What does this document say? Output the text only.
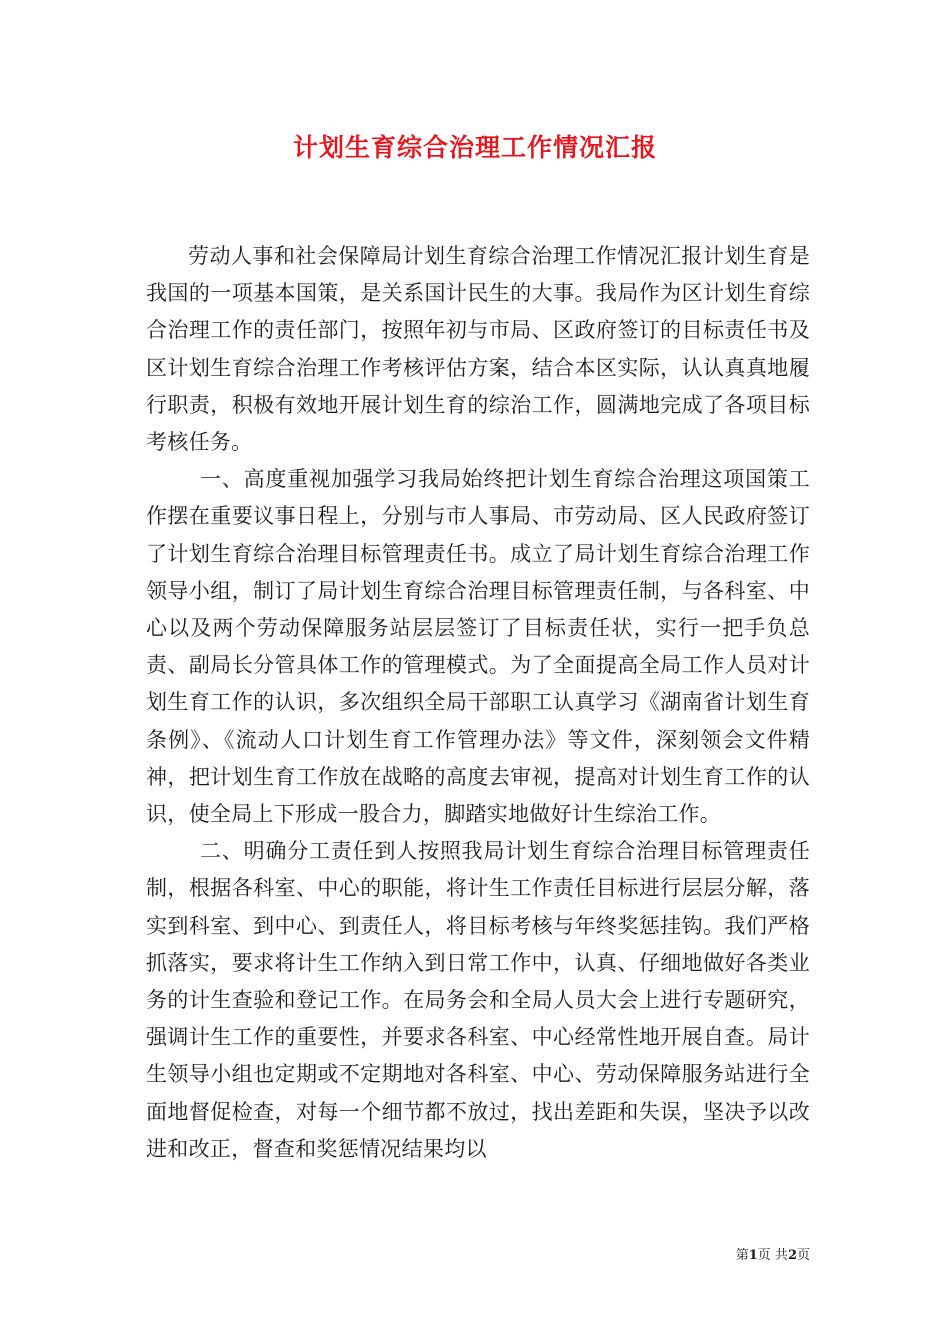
计划生育综合治理工作情况汇报

劳动人事和社会保障局计划生育综合治理工作情况汇报计划生育是我国的一项基本国策，是关系国计民生的大事。我局作为区计划生育综合治理工作的责任部门，按照年初与市局、区政府签订的目标责任书及区计划生育综合治理工作考核评估方案，结合本区实际，认认真真地履行职责，积极有效地开展计划生育的综治工作，圆满地完成了各项目标考核任务。

一、高度重视加强学习我局始终把计划生育综合治理这项国策工作摆在重要议事日程上，分别与市人事局、市劳动局、区人民政府签订了计划生育综合治理目标管理责任书。成立了局计划生育综合治理工作领导小组，制订了局计划生育综合治理目标管理责任制，与各科室、中心以及两个劳动保障服务站层层签订了目标责任状，实行一把手负总责、副局长分管具体工作的管理模式。为了全面提高全局工作人员对计划生育工作的认识，多次组织全局干部职工认真学习《湖南省计划生育条例》、《流动人口计划生育工作管理办法》等文件，深刻领会文件精神，把计划生育工作放在战略的高度去审视，提高对计划生育工作的认识，使全局上下形成一股合力，脚踏实地做好计生综治工作。

二、明确分工责任到人按照我局计划生育综合治理目标管理责任制，根据各科室、中心的职能，将计生工作责任目标进行层层分解，落实到科室、到中心、到责任人，将目标考核与年终奖惩挂钩。我们严格抓落实，要求将计生工作纳入到日常工作中，认真、仔细地做好各类业务的计生查验和登记工作。在局务会和全局人员大会上进行专题研究，强调计生工作的重要性，并要求各科室、中心经常性地开展自查。局计生领导小组也定期或不定期地对各科室、中心、劳动保障服务站进行全面地督促检查，对每一个细节都不放过，找出差距和失误，坚决予以改进和改正，督查和奖惩情况结果均以

第1页 共2页
